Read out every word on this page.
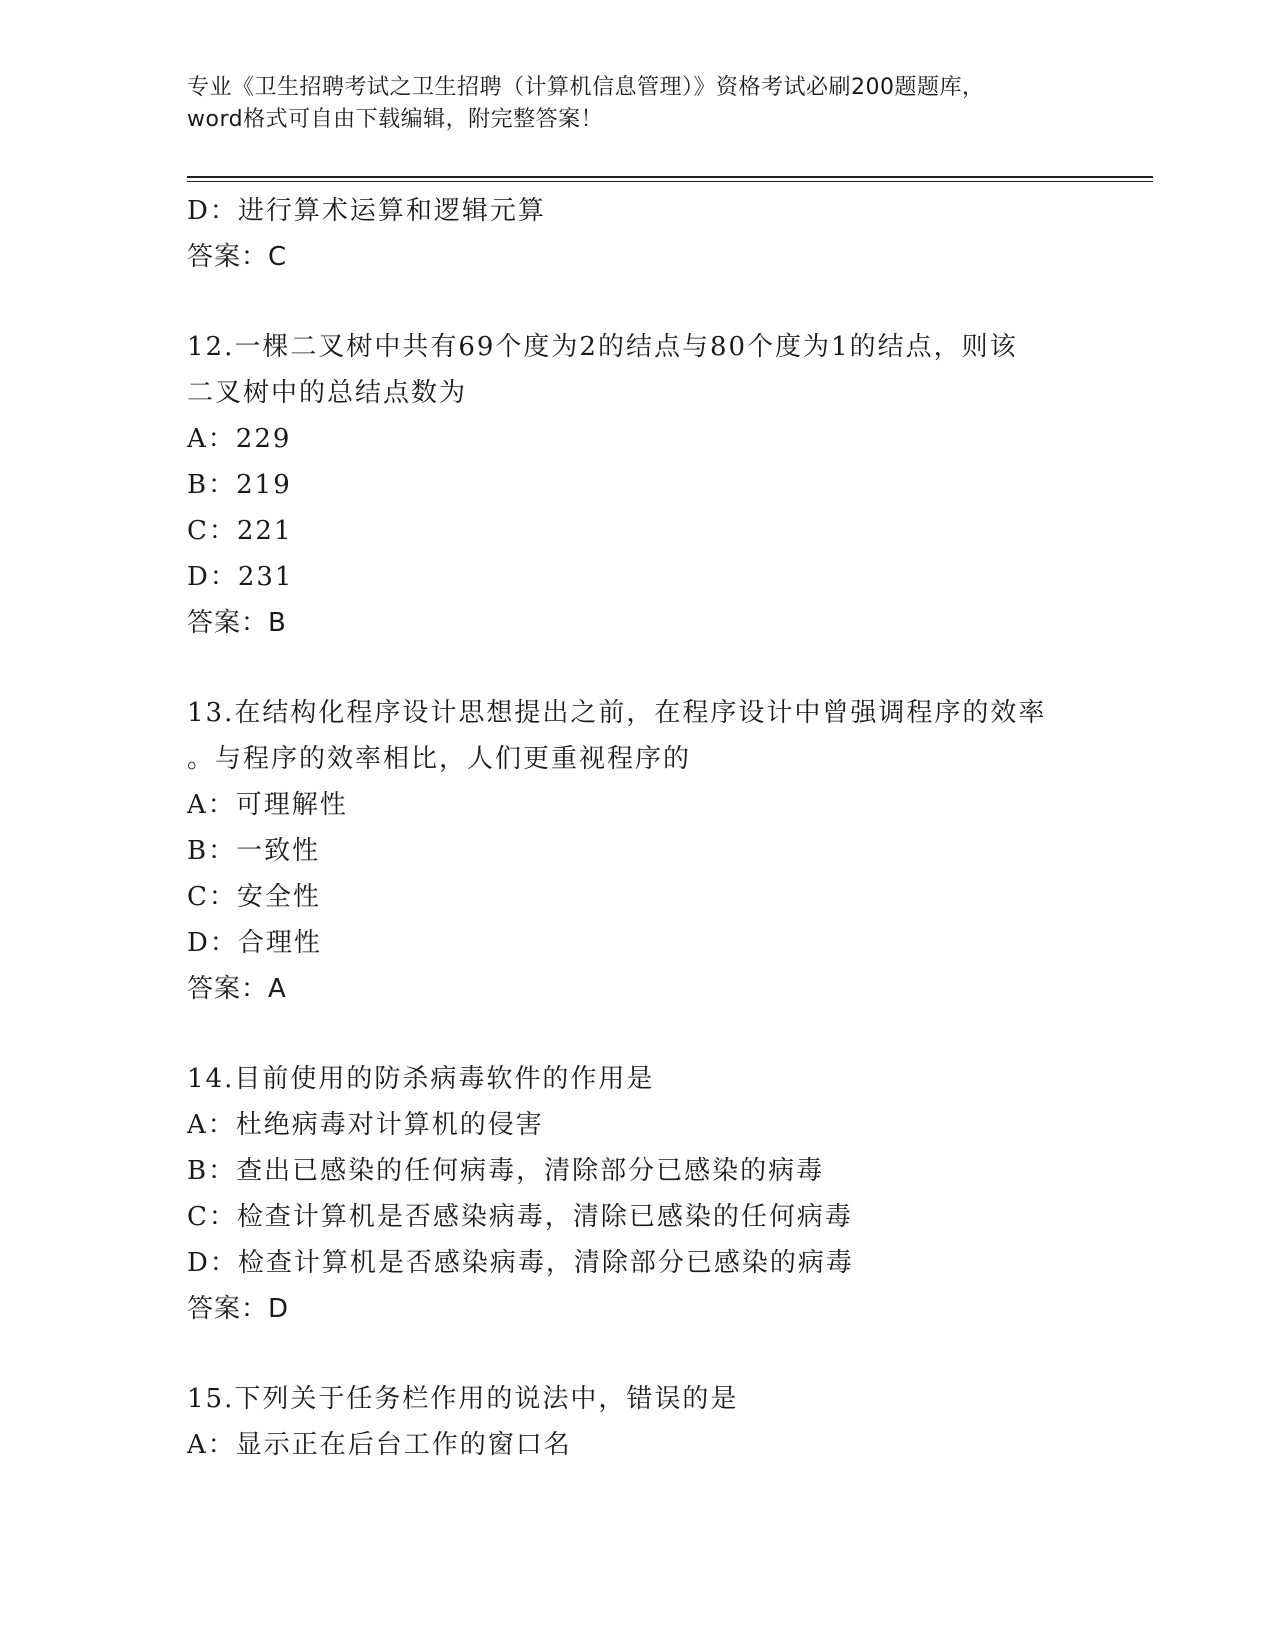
专业《卫生招聘考试之卫生招聘（计算机信息管理）》资格考试必刷200题题库，
word格式可自由下载编辑，附完整答案！
D：进行算术运算和逻辑元算
答案：C
12.一棵二叉树中共有69个度为2的结点与80个度为1的结点，则该
二叉树中的总结点数为
A：229
B：219
C：221
D：231
答案：B
13.在结构化程序设计思想提出之前，在程序设计中曾强调程序的效率
。与程序的效率相比，人们更重视程序的
A：可理解性
B：一致性
C：安全性
D：合理性
答案：A
14.目前使用的防杀病毒软件的作用是
A：杜绝病毒对计算机的侵害
B：查出已感染的任何病毒，清除部分已感染的病毒
C：检查计算机是否感染病毒，清除已感染的任何病毒
D：检查计算机是否感染病毒，清除部分已感染的病毒
答案：D
15.下列关于任务栏作用的说法中，错误的是
A：显示正在后台工作的窗口名
